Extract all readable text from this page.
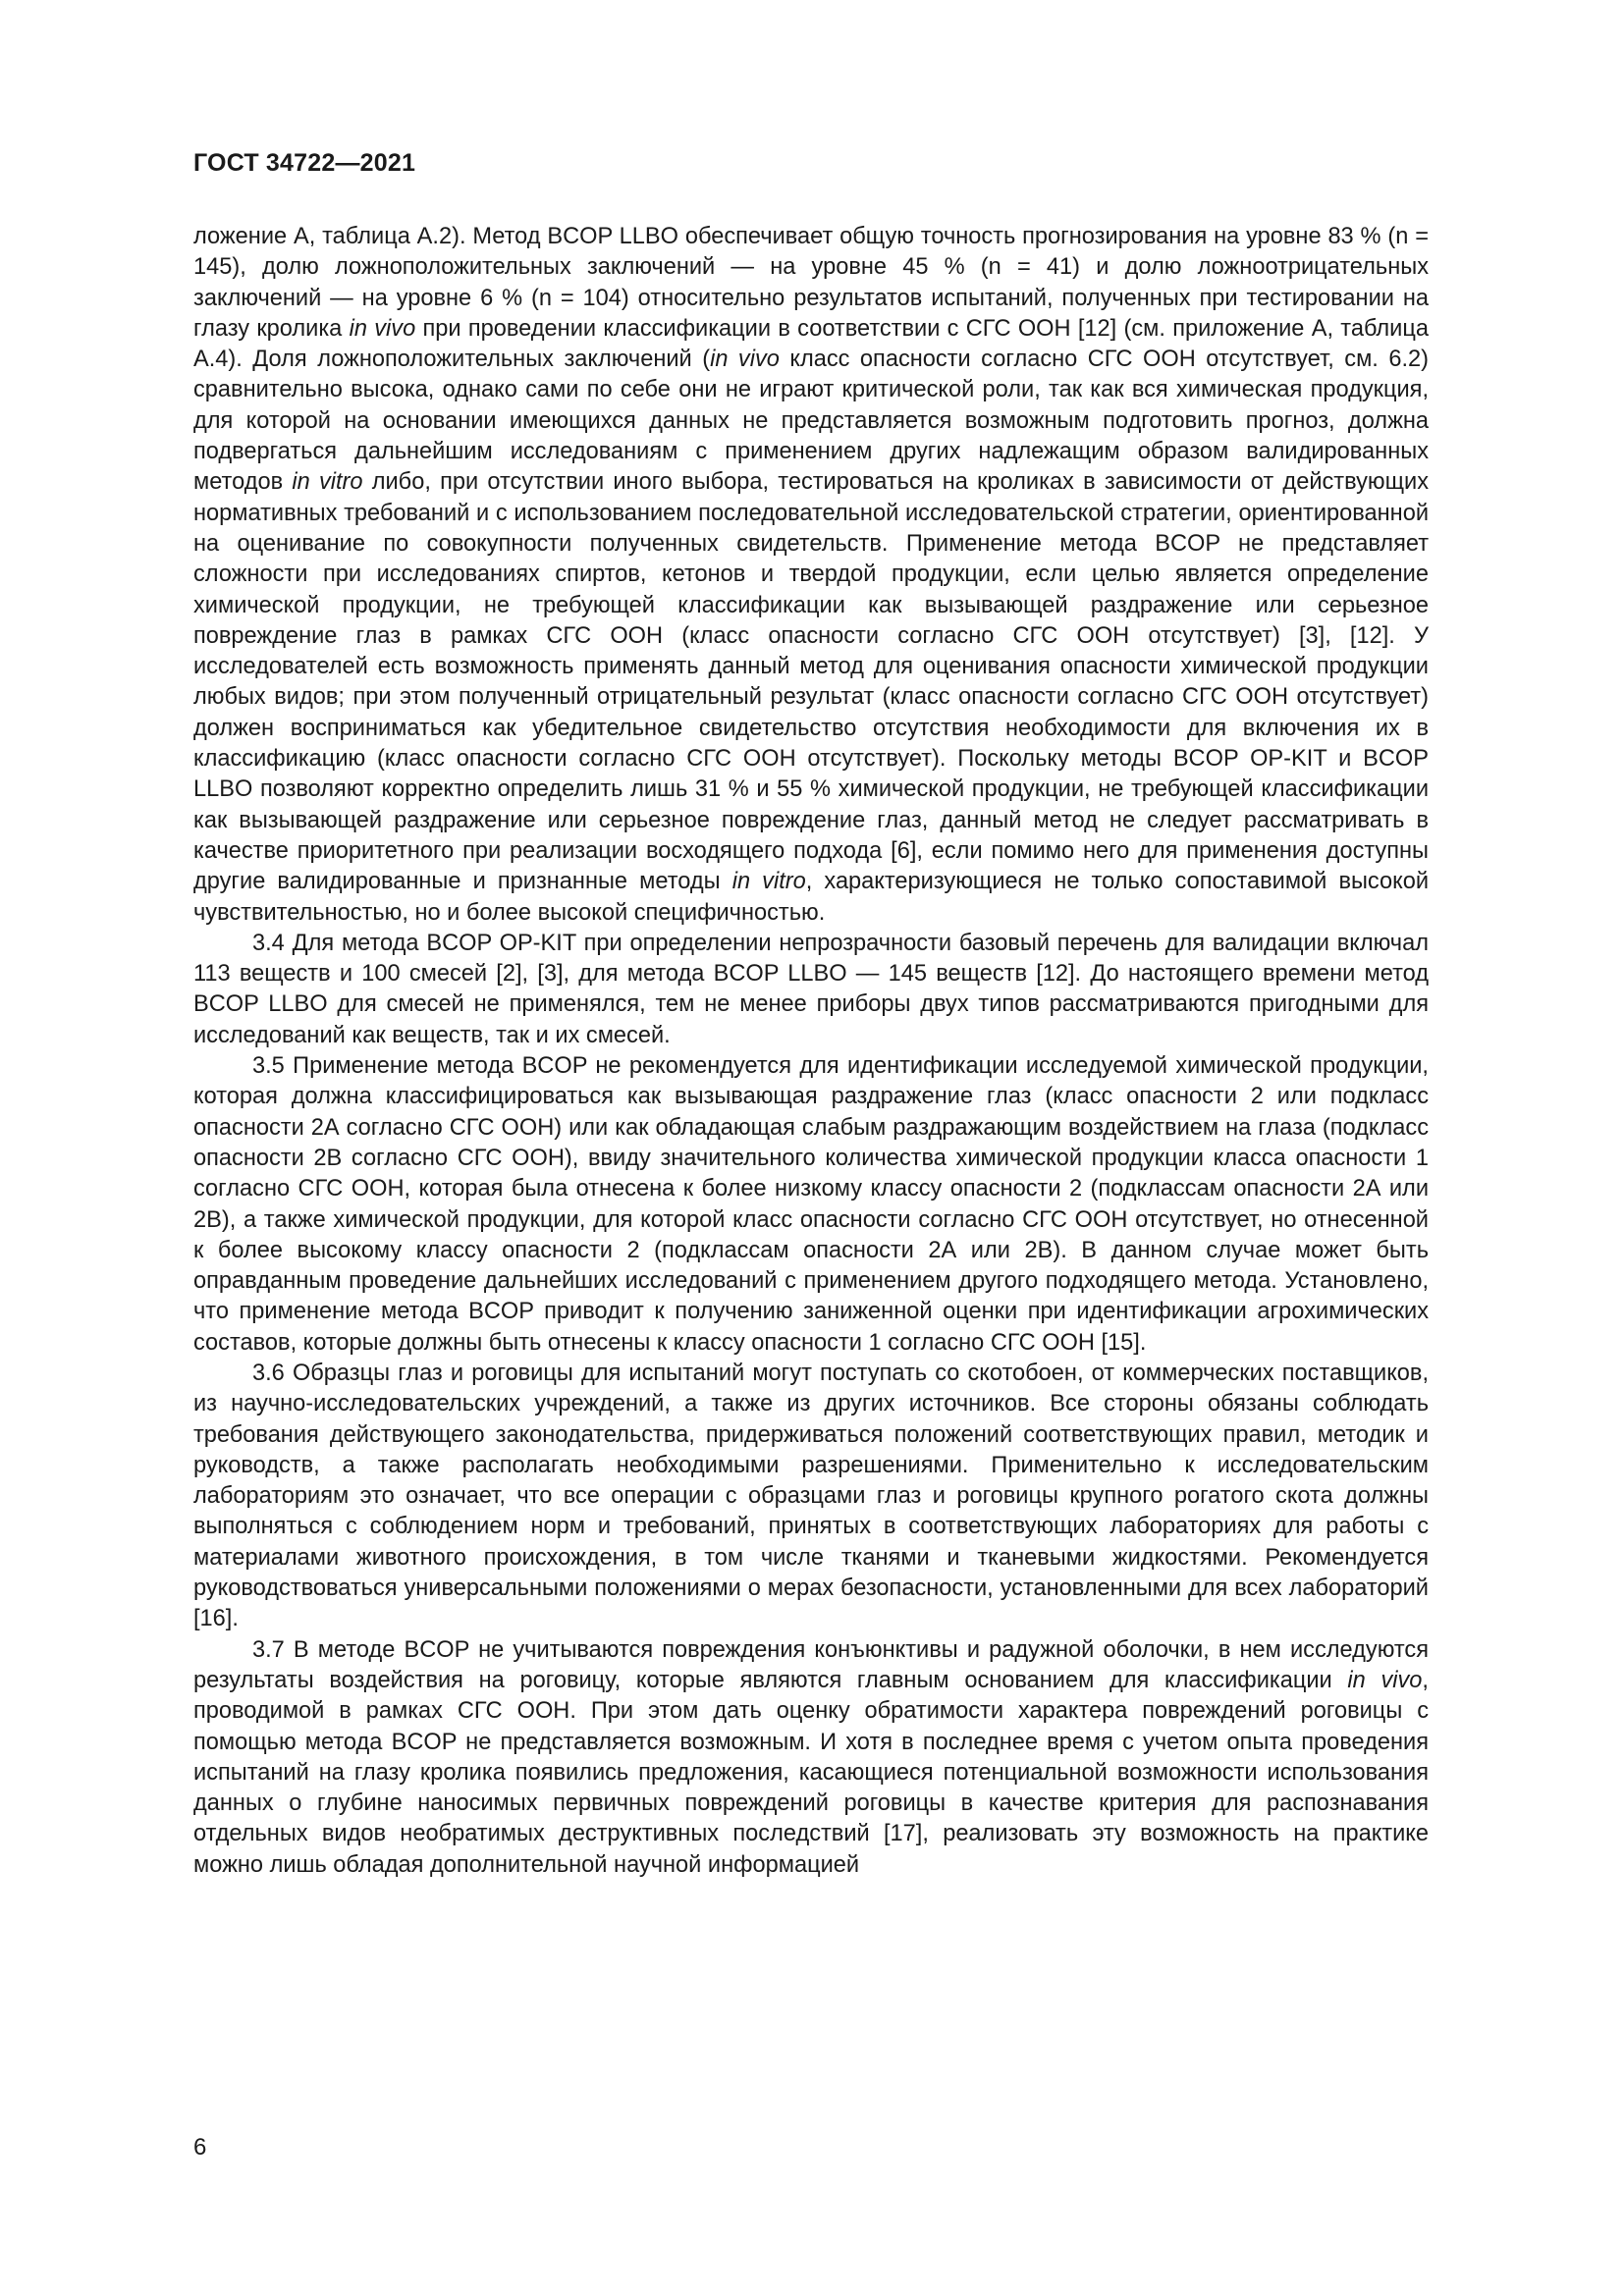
ГОСТ 34722—2021

ложение А, таблица А.2). Метод BCOP LLBO обеспечивает общую точность прогнозирования на уровне 83 % (n = 145), долю ложноположительных заключений — на уровне 45 % (n = 41) и долю ложноотрицательных заключений — на уровне 6 % (n = 104) относительно результатов испытаний, полученных при тестировании на глазу кролика in vivo при проведении классификации в соответствии с СГС ООН [12] (см. приложение А, таблица А.4). Доля ложноположительных заключений (in vivo класс опасности согласно СГС ООН отсутствует, см. 6.2) сравнительно высока, однако сами по себе они не играют критической роли, так как вся химическая продукция, для которой на основании имеющихся данных не представляется возможным подготовить прогноз, должна подвергаться дальнейшим исследованиям с применением других надлежащим образом валидированных методов in vitro либо, при отсутствии иного выбора, тестироваться на кроликах в зависимости от действующих нормативных требований и с использованием последовательной исследовательской стратегии, ориентированной на оценивание по совокупности полученных свидетельств. Применение метода BCOP не представляет сложности при исследованиях спиртов, кетонов и твердой продукции, если целью является определение химической продукции, не требующей классификации как вызывающей раздражение или серьезное повреждение глаз в рамках СГС ООН (класс опасности согласно СГС ООН отсутствует) [3], [12]. У исследователей есть возможность применять данный метод для оценивания опасности химической продукции любых видов; при этом полученный отрицательный результат (класс опасности согласно СГС ООН отсутствует) должен восприниматься как убедительное свидетельство отсутствия необходимости для включения их в классификацию (класс опасности согласно СГС ООН отсутствует). Поскольку методы BCOP OP-KIT и BCOP LLBO позволяют корректно определить лишь 31 % и 55 % химической продукции, не требующей классификации как вызывающей раздражение или серьезное повреждение глаз, данный метод не следует рассматривать в качестве приоритетного при реализации восходящего подхода [6], если помимо него для применения доступны другие валидированные и признанные методы in vitro, характеризующиеся не только сопоставимой высокой чувствительностью, но и более высокой специфичностью.

3.4 Для метода BCOP OP-KIT при определении непрозрачности базовый перечень для валидации включал 113 веществ и 100 смесей [2], [3], для метода BCOP LLBO — 145 веществ [12]. До настоящего времени метод BCOP LLBO для смесей не применялся, тем не менее приборы двух типов рассматриваются пригодными для исследований как веществ, так и их смесей.

3.5 Применение метода BCOP не рекомендуется для идентификации исследуемой химической продукции, которая должна классифицироваться как вызывающая раздражение глаз (класс опасности 2 или подкласс опасности 2А согласно СГС ООН) или как обладающая слабым раздражающим воздействием на глаза (подкласс опасности 2В согласно СГС ООН), ввиду значительного количества химической продукции класса опасности 1 согласно СГС ООН, которая была отнесена к более низкому классу опасности 2 (подклассам опасности 2А или 2В), а также химической продукции, для которой класс опасности согласно СГС ООН отсутствует, но отнесенной к более высокому классу опасности 2 (подклассам опасности 2А или 2В). В данном случае может быть оправданным проведение дальнейших исследований с применением другого подходящего метода. Установлено, что применение метода BCOP приводит к получению заниженной оценки при идентификации агрохимических составов, которые должны быть отнесены к классу опасности 1 согласно СГС ООН [15].

3.6 Образцы глаз и роговицы для испытаний могут поступать со скотобоен, от коммерческих поставщиков, из научно-исследовательских учреждений, а также из других источников. Все стороны обязаны соблюдать требования действующего законодательства, придерживаться положений соответствующих правил, методик и руководств, а также располагать необходимыми разрешениями. Применительно к исследовательским лабораториям это означает, что все операции с образцами глаз и роговицы крупного рогатого скота должны выполняться с соблюдением норм и требований, принятых в соответствующих лабораториях для работы с материалами животного происхождения, в том числе тканями и тканевыми жидкостями. Рекомендуется руководствоваться универсальными положениями о мерах безопасности, установленными для всех лабораторий [16].

3.7 В методе BCOP не учитываются повреждения конъюнктивы и радужной оболочки, в нем исследуются результаты воздействия на роговицу, которые являются главным основанием для классификации in vivo, проводимой в рамках СГС ООН. При этом дать оценку обратимости характера повреждений роговицы с помощью метода BCOP не представляется возможным. И хотя в последнее время с учетом опыта проведения испытаний на глазу кролика появились предложения, касающиеся потенциальной возможности использования данных о глубине наносимых первичных повреждений роговицы в качестве критерия для распознавания отдельных видов необратимых деструктивных последствий [17], реализовать эту возможность на практике можно лишь обладая дополнительной научной информацией

6
